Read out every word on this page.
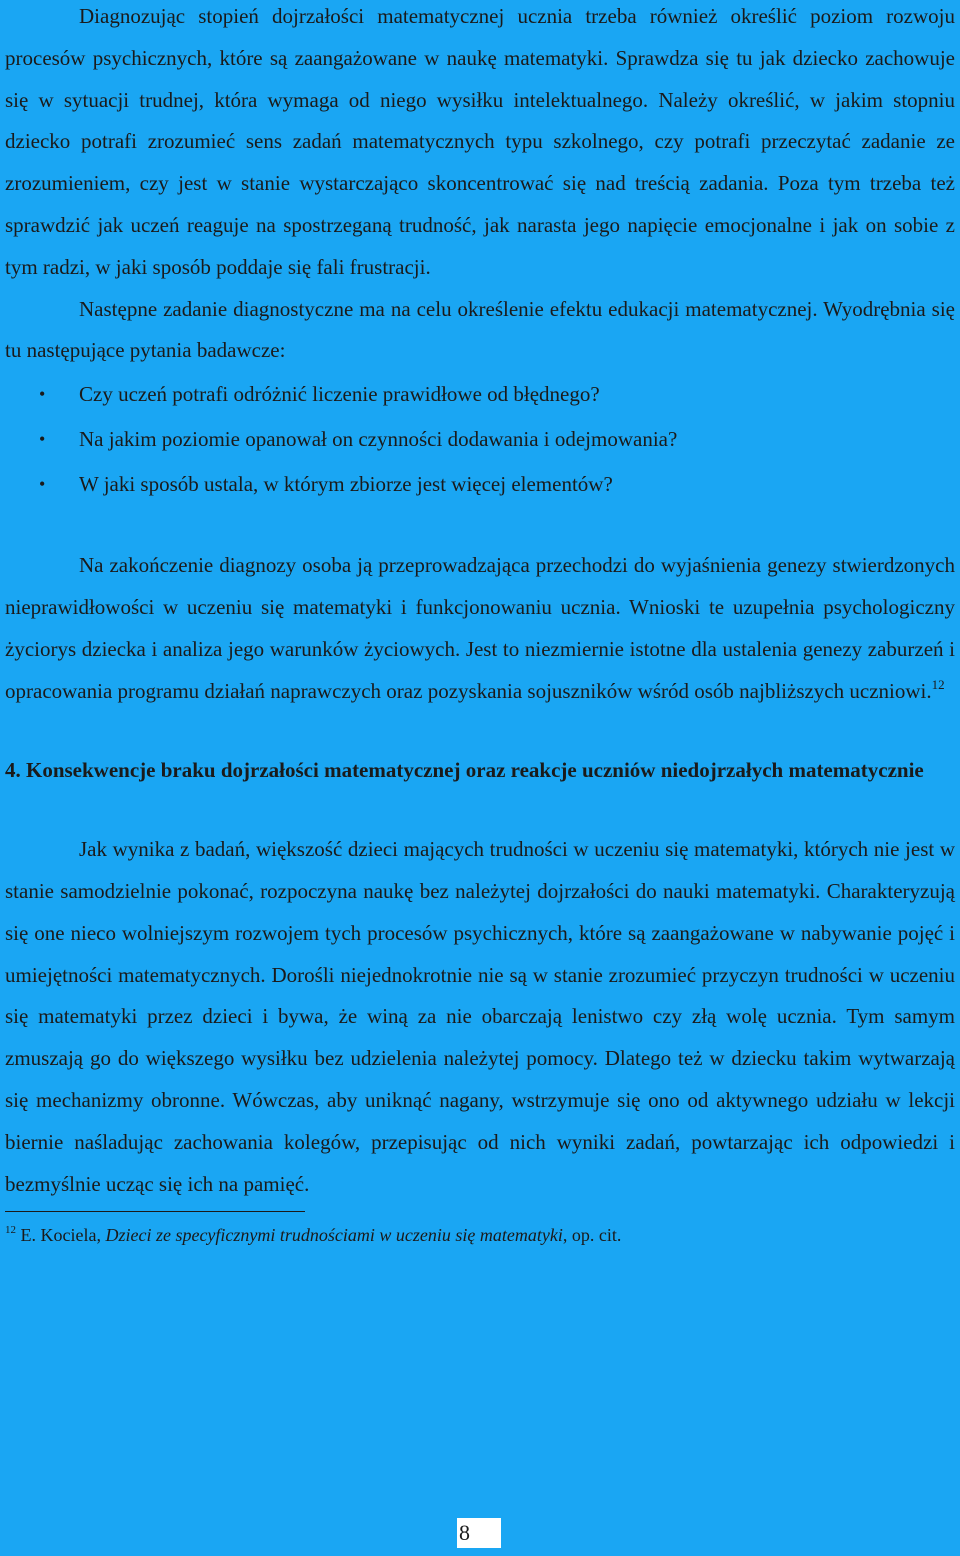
Diagnozując stopień dojrzałości matematycznej ucznia trzeba również określić poziom rozwoju procesów psychicznych, które są zaangażowane w naukę matematyki. Sprawdza się tu jak dziecko zachowuje się w sytuacji trudnej, która wymaga od niego wysiłku intelektualnego. Należy określić, w jakim stopniu dziecko potrafi zrozumieć sens zadań matematycznych typu szkolnego, czy potrafi przeczytać zadanie ze zrozumieniem, czy jest w stanie wystarczająco skoncentrować się nad treścią zadania. Poza tym trzeba też sprawdzić jak uczeń reaguje na spostrzeganą trudność, jak narasta jego napięcie emocjonalne i jak on sobie z tym radzi, w jaki sposób poddaje się fali frustracji.

Następne zadanie diagnostyczne ma na celu określenie efektu edukacji matematycznej. Wyodrębnia się tu następujące pytania badawcze:

• Czy uczeń potrafi odróżnić liczenie prawidłowe od błędnego?
• Na jakim poziomie opanował on czynności dodawania i odejmowania?
• W jaki sposób ustala, w którym zbiorze jest więcej elementów?

Na zakończenie diagnozy osoba ją przeprowadzająca przechodzi do wyjaśnienia genezy stwierdzonych nieprawidłowości w uczeniu się matematyki i funkcjonowaniu ucznia. Wnioski te uzupełnia psychologiczny życiorys dziecka i analiza jego warunków życiowych. Jest to niezmiernie istotne dla ustalenia genezy zaburzeń i opracowania programu działań naprawczych oraz pozyskania sojuszników wśród osób najbliższych uczniowi.$^{12}$

4. Konsekwencje braku dojrzałości matematycznej oraz reakcje uczniów niedojrzałych matematycznie

Jak wynika z badań, większość dzieci mających trudności w uczeniu się matematyki, których nie jest w stanie samodzielnie pokonać, rozpoczyna naukę bez należytej dojrzałości do nauki matematyki. Charakteryzują się one nieco wolniejszym rozwojem tych procesów psychicznych, które są zaangażowane w nabywanie pojęć i umiejętności matematycznych. Dorośli niejednokrotnie nie są w stanie zrozumieć przyczyn trudności w uczeniu się matematyki przez dzieci i bywa, że winą za nie obarczają lenistwo czy złą wolę ucznia. Tym samym zmuszają go do większego wysiłku bez udzielenia należytej pomocy. Dlatego też w dziecku takim wytwarzają się mechanizmy obronne. Wówczas, aby uniknąć nagany, wstrzymuje się ono od aktywnego udziału w lekcji biernie naśladując zachowania kolegów, przepisując od nich wyniki zadań, powtarzając ich odpowiedzi i bezmyślnie ucząc się ich na pamięć.

$^{12}$ E. Kociela, Dzieci ze specyficznymi trudnościami w uczeniu się matematyki, op. cit.
8
